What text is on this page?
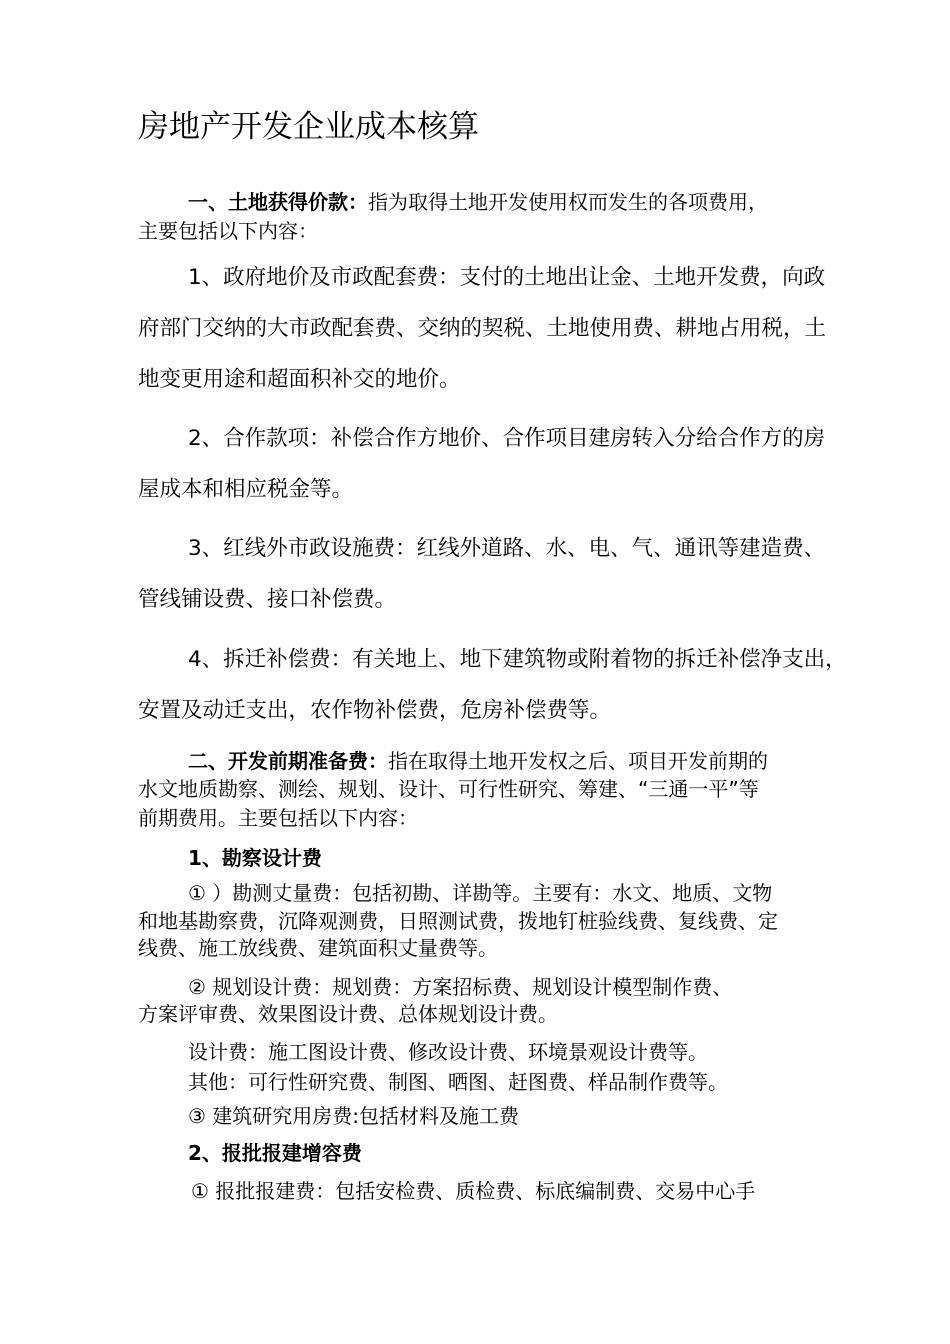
房地产开发企业成本核算
一、土地获得价款：指为取得土地开发使用权而发生的各项费用，
主要包括以下内容：
1、政府地价及市政配套费：支付的土地出让金、土地开发费，向政
府部门交纳的大市政配套费、交纳的契税、土地使用费、耕地占用税，土
地变更用途和超面积补交的地价。
2、合作款项：补偿合作方地价、合作项目建房转入分给合作方的房
屋成本和相应税金等。
3、红线外市政设施费：红线外道路、水、电、气、通讯等建造费、
管线铺设费、接口补偿费。
4、拆迁补偿费：有关地上、地下建筑物或附着物的拆迁补偿净支出，
安置及动迁支出，农作物补偿费，危房补偿费等。
二、开发前期准备费：指在取得土地开发权之后、项目开发前期的
水文地质勘察、测绘、规划、设计、可行性研究、筹建、“三通一平”等
前期费用。主要包括以下内容：
1、勘察设计费
① ）勘测丈量费：包括初勘、详勘等。主要有：水文、地质、文物
和地基勘察费，沉降观测费，日照测试费，拨地钉桩验线费、复线费、定
线费、施工放线费、建筑面积丈量费等。
② 规划设计费：规划费：方案招标费、规划设计模型制作费、
方案评审费、效果图设计费、总体规划设计费。
设计费：施工图设计费、修改设计费、环境景观设计费等。
其他：可行性研究费、制图、晒图、赶图费、样品制作费等。
③ 建筑研究用房费:包括材料及施工费
2、报批报建增容费
① 报批报建费：包括安检费、质检费、标底编制费、交易中心手
